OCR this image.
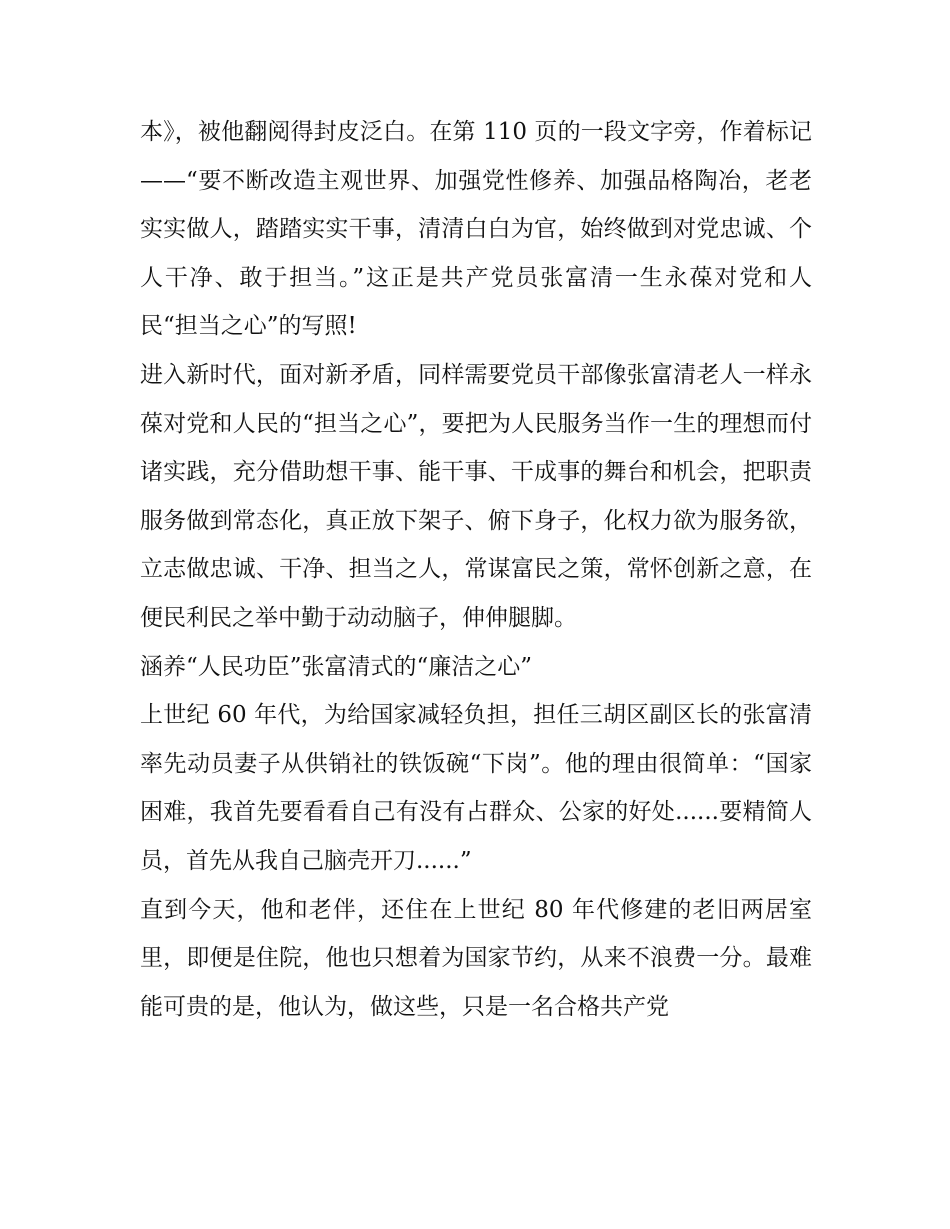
本》，被他翻阅得封皮泛白。在第 110 页的一段文字旁，作着标记——“要不断改造主观世界、加强党性修养、加强品格陶冶，老老实实做人，踏踏实实干事，清清白白为官，始终做到对党忠诚、个人干净、敢于担当。”这正是共产党员张富清一生永葆对党和人民“担当之心”的写照!

进入新时代，面对新矛盾，同样需要党员干部像张富清老人一样永葆对党和人民的“担当之心”，要把为人民服务当作一生的理想而付诸实践，充分借助想干事、能干事、干成事的舞台和机会，把职责服务做到常态化，真正放下架子、俯下身子，化权力欲为服务欲，立志做忠诚、干净、担当之人，常谋富民之策，常怀创新之意，在便民利民之举中勤于动动脑子，伸伸腿脚。

涵养“人民功臣”张富清式的“廉洁之心”

上世纪 60 年代，为给国家减轻负担，担任三胡区副区长的张富清率先动员妻子从供销社的铁饭碗“下岗”。他的理由很简单：“国家困难，我首先要看看自己有没有占群众、公家的好处......要精简人员，首先从我自己脑壳开刀......”

直到今天，他和老伴，还住在上世纪 80 年代修建的老旧两居室里，即便是住院，他也只想着为国家节约，从来不浪费一分。最难能可贵的是，他认为，做这些，只是一名合格共产党
